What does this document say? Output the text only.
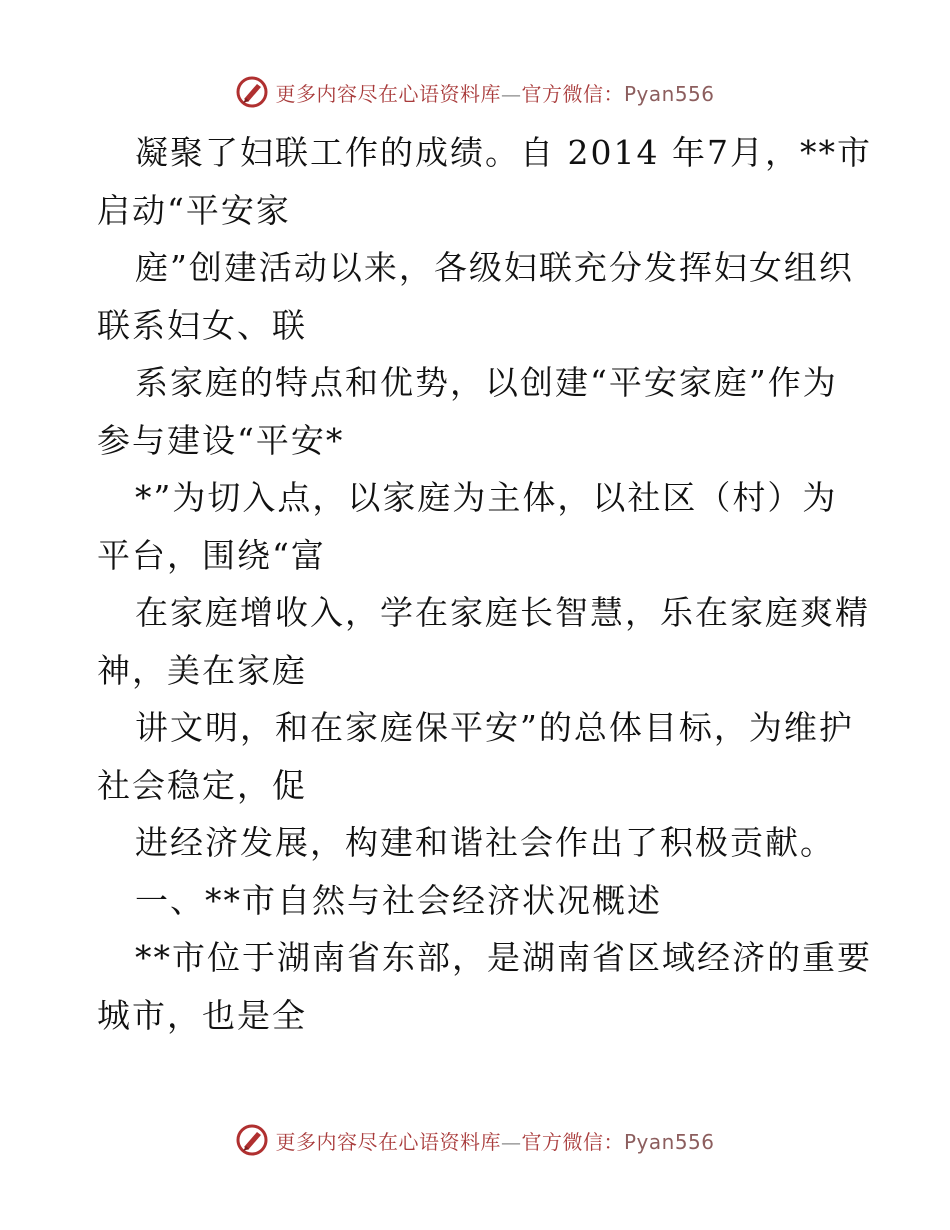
更多内容尽在心语资料库—官方微信：Pyan556

凝聚了妇联工作的成绩。自 2014 年7月，**市
启动“平安家

庭”创建活动以来，各级妇联充分发挥妇女组织
联系妇女、联

系家庭的特点和优势，以创建“平安家庭”作为
参与建设“平安*

*”为切入点，以家庭为主体，以社区（村）为
平台，围绕“富

在家庭增收入，学在家庭长智慧，乐在家庭爽精
神，美在家庭

讲文明，和在家庭保平安”的总体目标，为维护
社会稳定，促

进经济发展，构建和谐社会作出了积极贡献。

一、**市自然与社会经济状况概述

**市位于湖南省东部，是湖南省区域经济的重要
城市，也是全

更多内容尽在心语资料库—官方微信：Pyan556
